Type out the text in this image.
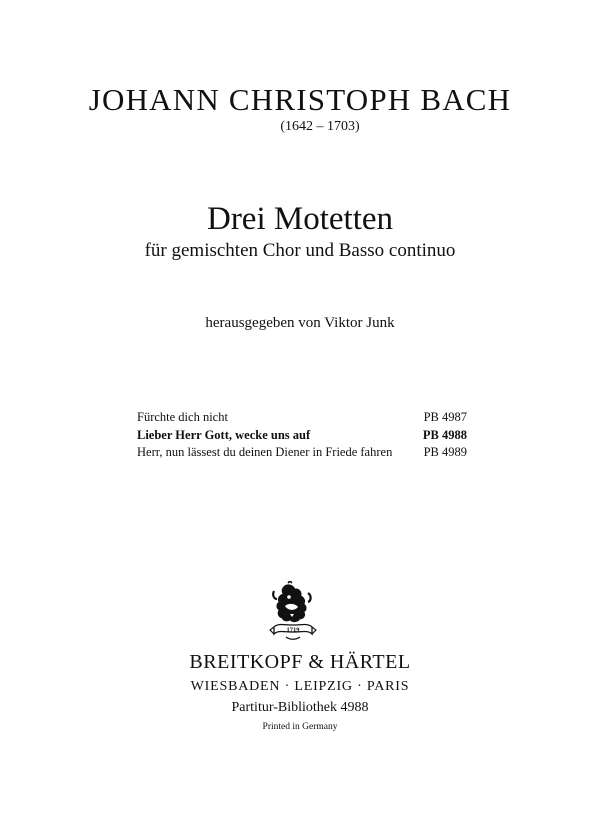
JOHANN CHRISTOPH BACH
(1642 – 1703)
Drei Motetten
für gemischten Chor und Basso continuo
herausgegeben von Viktor Junk
Fürchte dich nicht	PB 4987
Lieber Herr Gott, wecke uns auf	PB 4988
Herr, nun lässest du deinen Diener in Friede fahren	PB 4989
1719
BREITKOPF & HÄRTEL
WIESBADEN · LEIPZIG · PARIS
Partitur-Bibliothek 4988
Printed in Germany
